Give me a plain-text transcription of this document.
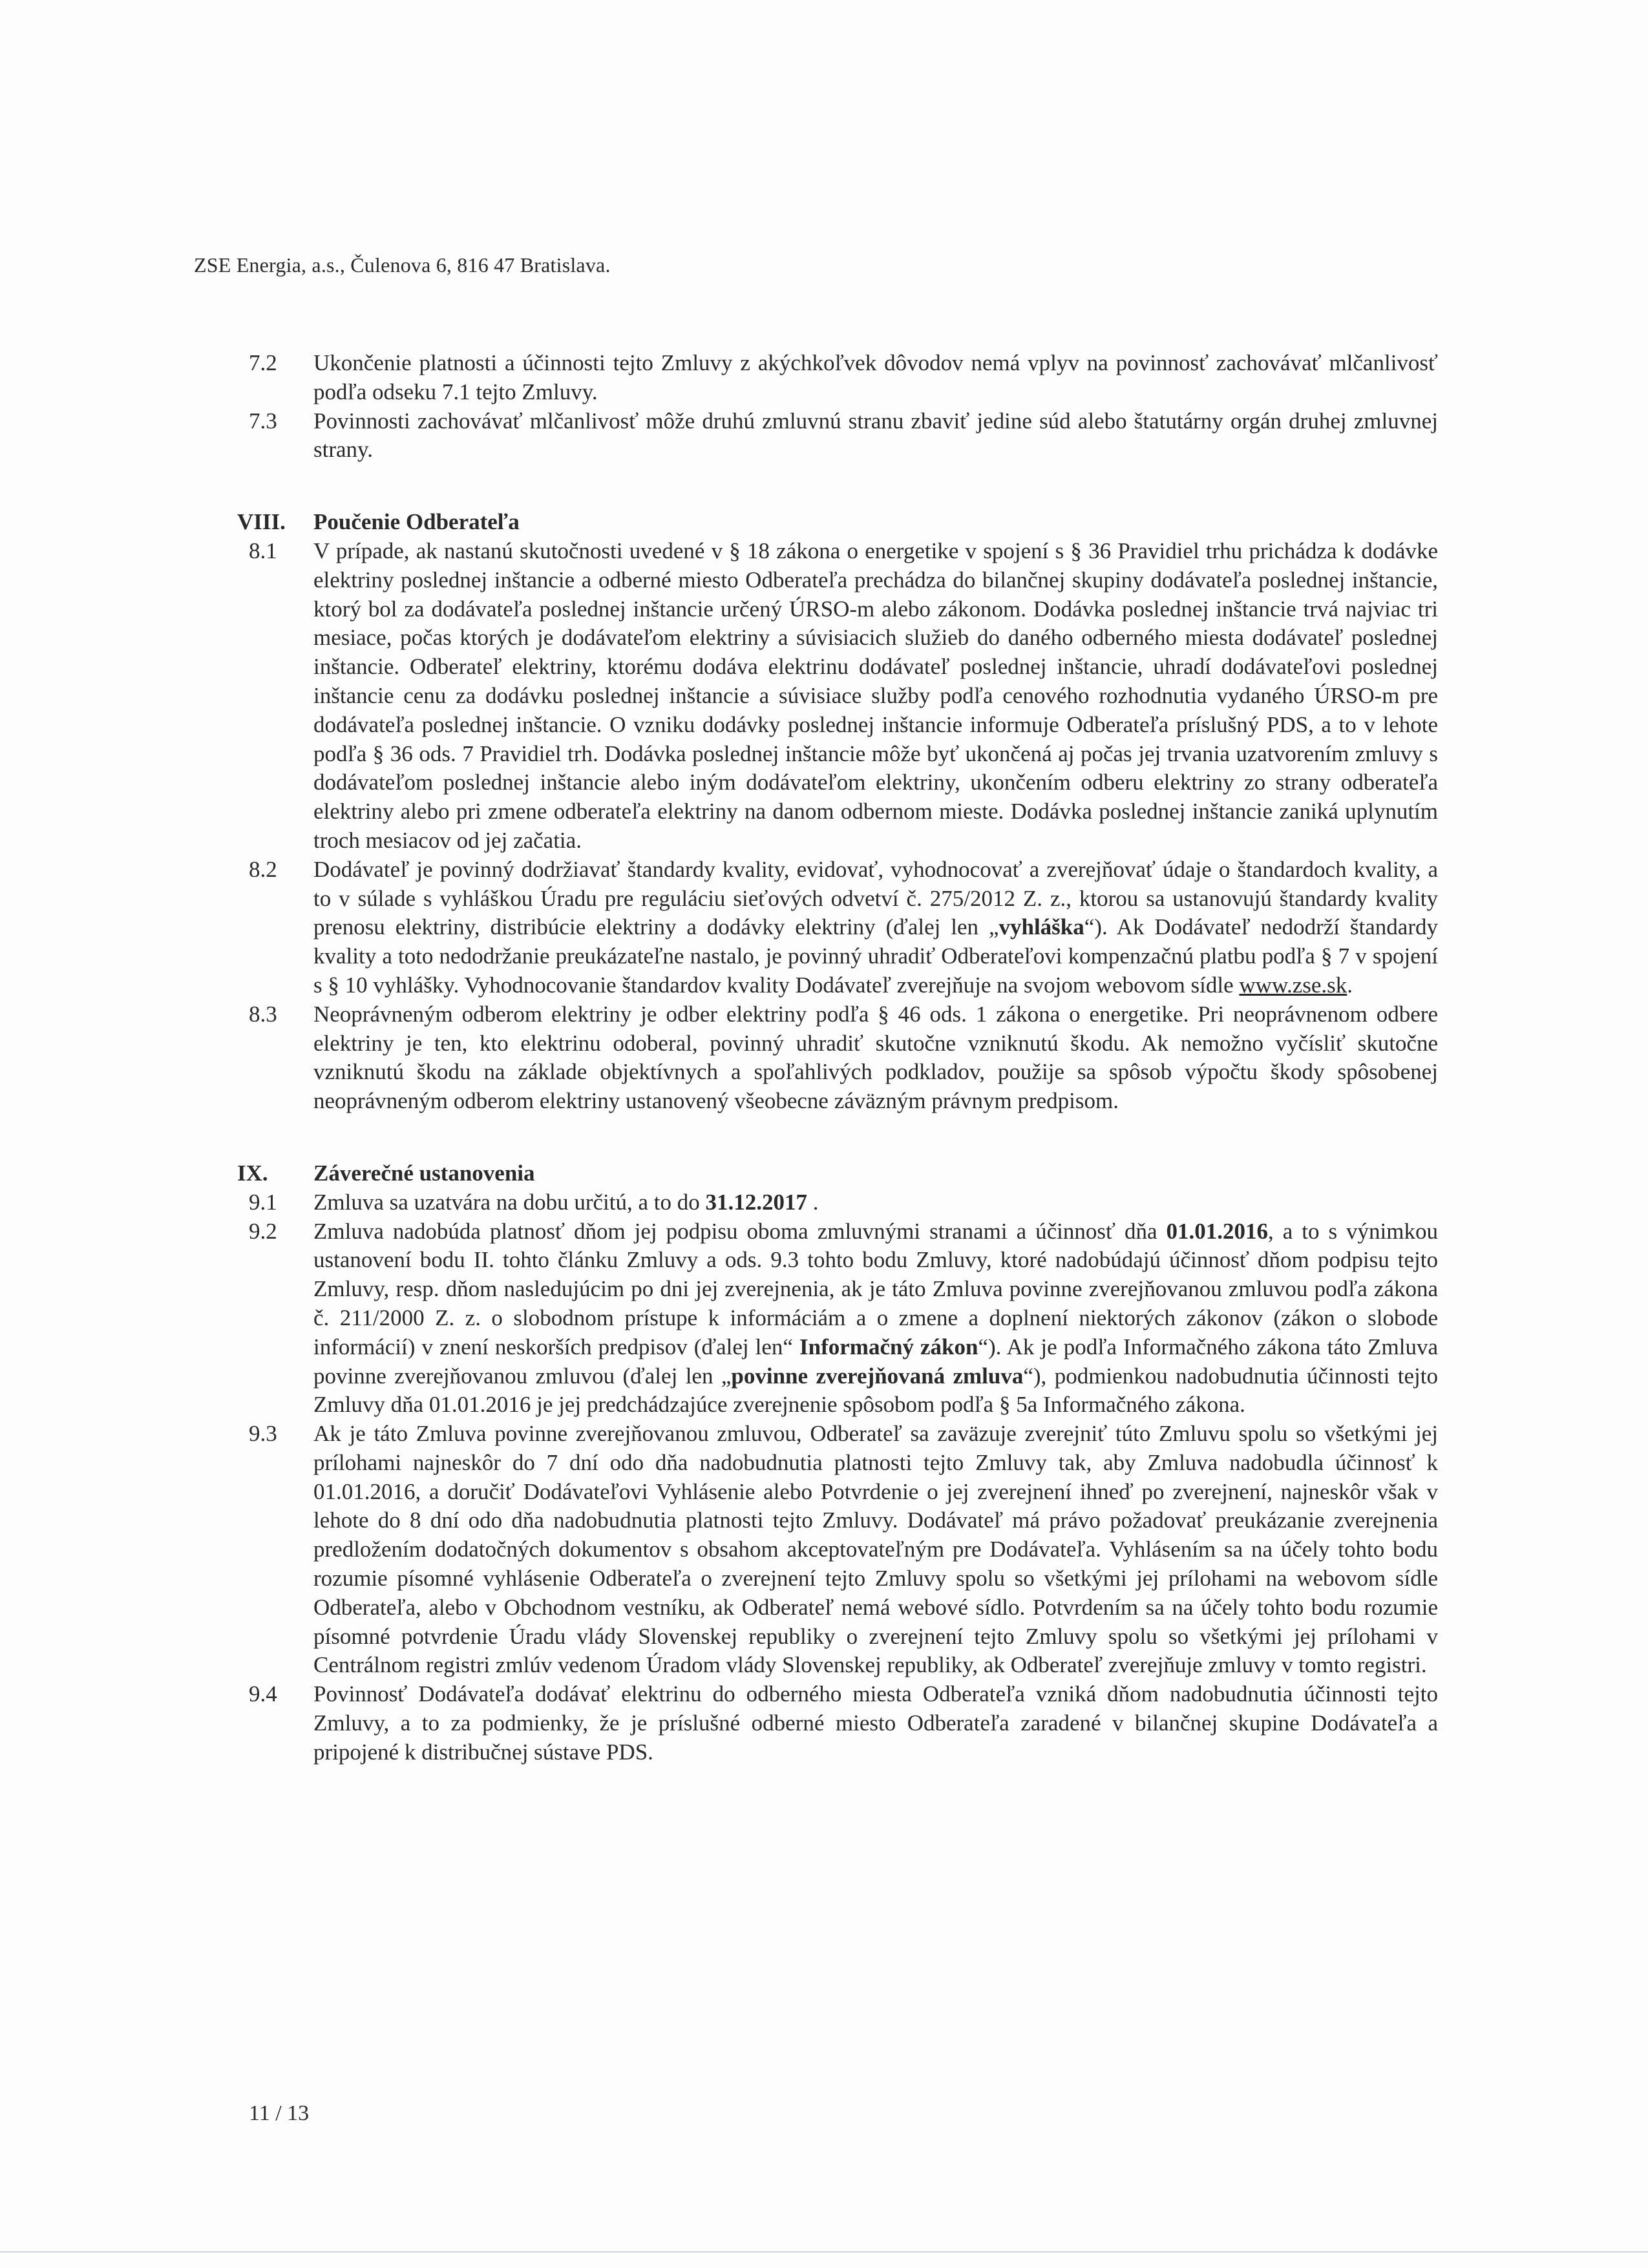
ZSE Energia, a.s., Čulenova 6, 816 47 Bratislava.
7.2	Ukončenie platnosti a účinnosti tejto Zmluvy z akýchkoľvek dôvodov nemá vplyv na povinnosť zachovávať mlčanlivosť podľa odseku 7.1 tejto Zmluvy.
7.3	Povinnosti zachovávať mlčanlivosť môže druhú zmluvnú stranu zbaviť jedine súd alebo štatutárny orgán druhej zmluvnej strany.
VIII. Poučenie Odberateľa
8.1	V prípade, ak nastanú skutočnosti uvedené v § 18 zákona o energetike v spojení s § 36 Pravidiel trhu prichádza k dodávke elektriny poslednej inštancie a odberné miesto Odberateľa prechádza do bilančnej skupiny dodávateľa poslednej inštancie, ktorý bol za dodávateľa poslednej inštancie určený ÚRSO-m alebo zákonom. Dodávka poslednej inštancie trvá najviac tri mesiace, počas ktorých je dodávateľom elektriny a súvisiacich služieb do daného odberného miesta dodávateľ poslednej inštancie. Odberateľ elektriny, ktorému dodáva elektrinu dodávateľ poslednej inštancie, uhradí dodávateľovi poslednej inštancie cenu za dodávku poslednej inštancie a súvisiace služby podľa cenového rozhodnutia vydaného ÚRSO-m pre dodávateľa poslednej inštancie. O vzniku dodávky poslednej inštancie informuje Odberateľa príslušný PDS, a to v lehote podľa § 36 ods. 7 Pravidiel trh. Dodávka poslednej inštancie môže byť ukončená aj počas jej trvania uzatvorením zmluvy s dodávateľom poslednej inštancie alebo iným dodávateľom elektriny, ukončením odberu elektriny zo strany odberateľa elektriny alebo pri zmene odberateľa elektriny na danom odbernom mieste. Dodávka poslednej inštancie zaniká uplynutím troch mesiacov od jej začatia.
8.2	Dodávateľ je povinný dodržiavať štandardy kvality, evidovať, vyhodnocovať a zverejňovať údaje o štandardoch kvality, a to v súlade s vyhláškou Úradu pre reguláciu sieťových odvetví č. 275/2012 Z. z., ktorou sa ustanovujú štandardy kvality prenosu elektriny, distribúcie elektriny a dodávky elektriny (ďalej len „vyhláška“). Ak Dodávateľ nedodrží štandardy kvality a toto nedodržanie preukázateľne nastalo, je povinný uhradiť Odberateľovi kompenzačnú platbu podľa § 7 v spojení s § 10 vyhlášky. Vyhodnocovanie štandardov kvality Dodávateľ zverejňuje na svojom webovom sídle www.zse.sk.
8.3	Neoprávneným odberom elektriny je odber elektriny podľa § 46 ods. 1 zákona o energetike. Pri neoprávnenom odbere elektriny je ten, kto elektrinu odoberal, povinný uhradiť skutočne vzniknutú škodu. Ak nemožno vyčísliť skutočne vzniknutú škodu na základe objektívnych a spoľahlivých podkladov, použije sa spôsob výpočtu škody spôsobenej neoprávneným odberom elektriny ustanovený všeobecne záväzným právnym predpisom.
IX. Záverečné ustanovenia
9.1	Zmluva sa uzatvára na dobu určitú, a to do 31.12.2017 .
9.2	Zmluva nadobúda platnosť dňom jej podpisu oboma zmluvnými stranami a účinnosť dňa 01.01.2016, a to s výnimkou ustanovení bodu II. tohto článku Zmluvy a ods. 9.3 tohto bodu Zmluvy, ktoré nadobúdajú účinnosť dňom podpisu tejto Zmluvy, resp. dňom nasledujúcim po dni jej zverejnenia, ak je táto Zmluva povinne zverejňovanou zmluvou podľa zákona č. 211/2000 Z. z. o slobodnom prístupe k informáciám a o zmene a doplnení niektorých zákonov (zákon o slobode informácií) v znení neskorších predpisov (ďalej len“ Informačný zákon“). Ak je podľa Informačného zákona táto Zmluva povinne zverejňovanou zmluvou (ďalej len „povinne zverejňovaná zmluva“), podmienkou nadobudnutia účinnosti tejto Zmluvy dňa 01.01.2016 je jej predchádzajúce zverejnenie spôsobom podľa § 5a Informačného zákona.
9.3	Ak je táto Zmluva povinne zverejňovanou zmluvou, Odberateľ sa zaväzuje zverejniť túto Zmluvu spolu so všetkými jej prílohami najneskôr do 7 dní odo dňa nadobudnutia platnosti tejto Zmluvy tak, aby Zmluva nadobudla účinnosť k 01.01.2016, a doručiť Dodávateľovi Vyhlásenie alebo Potvrdenie o jej zverejnení ihneď po zverejnení, najneskôr však v lehote do 8 dní odo dňa nadobudnutia platnosti tejto Zmluvy. Dodávateľ má právo požadovať preukázanie zverejnenia predložením dodatočných dokumentov s obsahom akceptovateľným pre Dodávateľa. Vyhlásením sa na účely tohto bodu rozumie písomné vyhlásenie Odberateľa o zverejnení tejto Zmluvy spolu so všetkými jej prílohami na webovom sídle Odberateľa, alebo v Obchodnom vestníku, ak Odberateľ nemá webové sídlo. Potvrdením sa na účely tohto bodu rozumie písomné potvrdenie Úradu vlády Slovenskej republiky o zverejnení tejto Zmluvy spolu so všetkými jej prílohami v Centrálnom registri zmlúv vedenom Úradom vlády Slovenskej republiky, ak Odberateľ zverejňuje zmluvy v tomto registri.
9.4	Povinnosť Dodávateľa dodávať elektrinu do odberného miesta Odberateľa vzniká dňom nadobudnutia účinnosti tejto Zmluvy, a to za podmienky, že je príslušné odberné miesto Odberateľa zaradené v bilančnej skupine Dodávateľa a pripojené k distribučnej sústave PDS.
11 / 13
